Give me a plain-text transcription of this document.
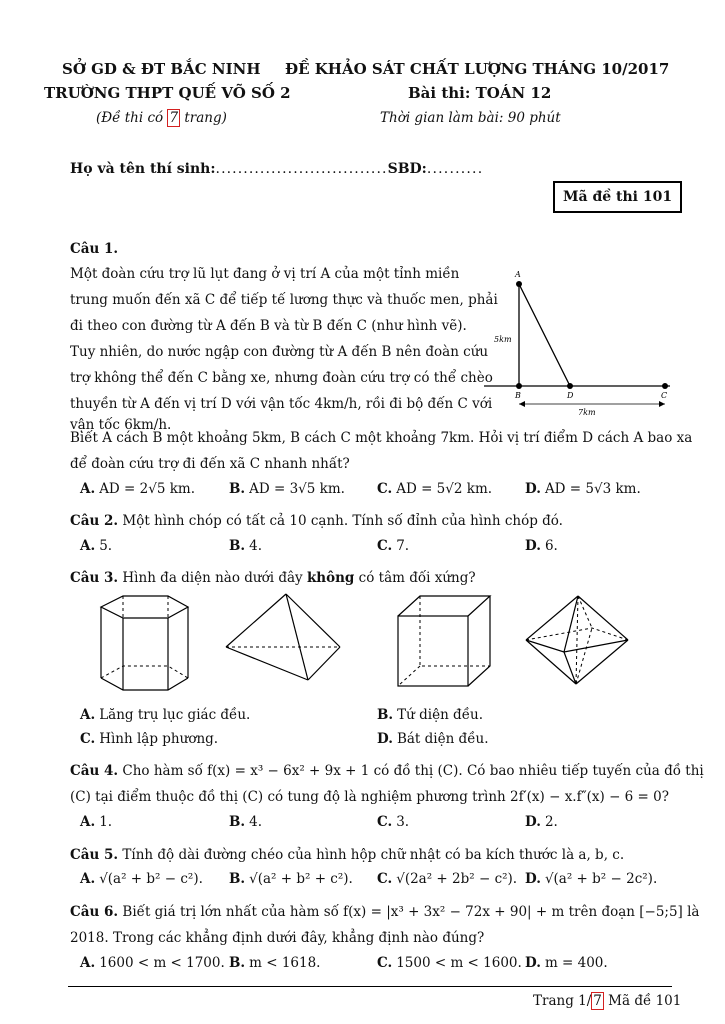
SỞ GD & ĐT BẮC NINH
TRƯỜNG THPT QUẾ VÕ SỐ 2
(Đề thi có 7 trang)
ĐỀ KHẢO SÁT CHẤT LƯỢNG THÁNG 10/2017
Bài thi: TOÁN 12
Thời gian làm bài: 90 phút
Họ và tên thí sinh:...............................SBD:..........
Mã đề thi 101
Câu 1.
Một đoàn cứu trợ lũ lụt đang ở vị trí A của một tỉnh miền
trung muốn đến xã C để tiếp tế lương thực và thuốc men, phải
đi theo con đường từ A đến B và từ B đến C (như hình vẽ).
Tuy nhiên, do nước ngập con đường từ A đến B nên đoàn cứu
trợ không thể đến C bằng xe, nhưng đoàn cứu trợ có thể chèo
thuyền từ A đến vị trí D với vận tốc 4km/h, rồi đi bộ đến C với
vận tốc 6km/h.
A
B	D	C
5km
7km
Biết A cách B một khoảng 5km, B cách C một khoảng 7km. Hỏi vị trí điểm D cách A bao xa
để đoàn cứu trợ đi đến xã C nhanh nhất?
A. AD = 2√5 km.	B. AD = 3√5 km. C. AD = 5√2 km. D. AD = 5√3 km.
Câu 2. Một hình chóp có tất cả 10 cạnh. Tính số đỉnh của hình chóp đó.
A. 5.	B. 4.	C. 7.	D. 6.
Câu 3. Hình đa diện nào dưới đây không có tâm đối xứng?
A. Lăng trụ lục giác đều.	B. Tứ diện đều.
C. Hình lập phương.	D. Bát diện đều.
Câu 4. Cho hàm số f(x) = x³ − 6x² + 9x + 1 có đồ thị (C). Có bao nhiêu tiếp tuyến của đồ thị
(C) tại điểm thuộc đồ thị (C) có tung độ là nghiệm phương trình 2f′(x) − x.f″(x) − 6 = 0?
A. 1.	B. 4.	C. 3.	D. 2.
Câu 5. Tính độ dài đường chéo của hình hộp chữ nhật có ba kích thước là a, b, c.
A. √(a² + b² − c²). B. √(a² + b² + c²). C. √(2a² + 2b² − c²). D. √(a² + b² − 2c²).
Câu 6. Biết giá trị lớn nhất của hàm số f(x) = |x³ + 3x² − 72x + 90| + m trên đoạn [−5;5] là
2018. Trong các khẳng định dưới đây, khẳng định nào đúng?
A. 1600 < m < 1700. B. m < 1618.	C. 1500 < m < 1600. D. m = 400.
Trang 1/ 7 Mã đề 101
